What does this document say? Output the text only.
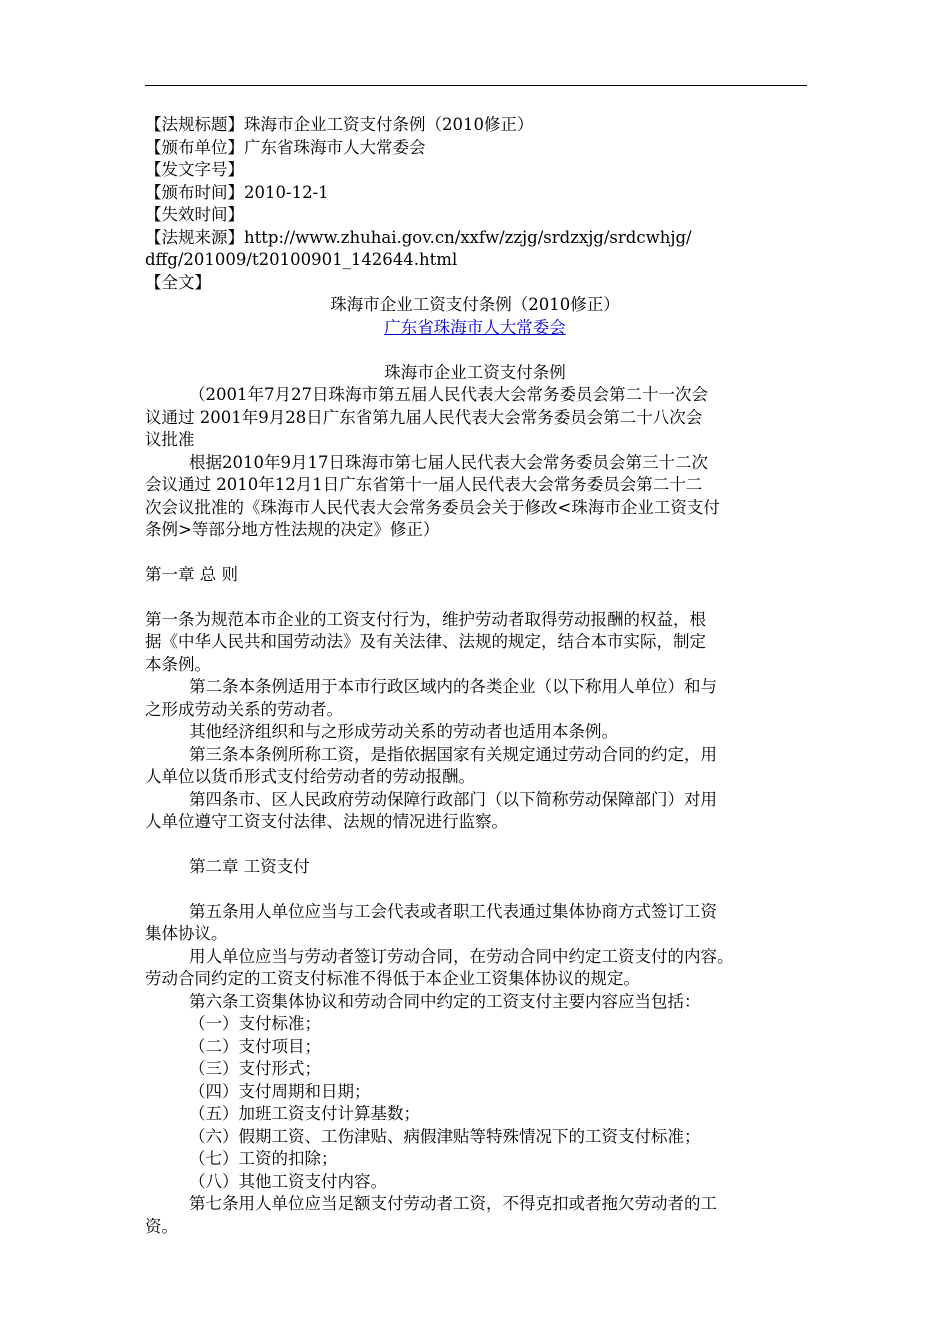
【法规标题】珠海市企业工资支付条例（2010修正）
【颁布单位】广东省珠海市人大常委会
【发文字号】
【颁布时间】2010-12-1
【失效时间】
【法规来源】http://www.zhuhai.gov.cn/xxfw/zzjg/srdzxjg/srdcwhjg/
dffg/201009/t20100901_142644.html
【全文】
珠海市企业工资支付条例（2010修正）
广东省珠海市人大常委会
珠海市企业工资支付条例
（2001年7月27日珠海市第五届人民代表大会常务委员会第二十一次会
议通过 2001年9月28日广东省第九届人民代表大会常务委员会第二十八次会
议批准
根据2010年9月17日珠海市第七届人民代表大会常务委员会第三十二次
会议通过 2010年12月1日广东省第十一届人民代表大会常务委员会第二十二
次会议批准的《珠海市人民代表大会常务委员会关于修改<珠海市企业工资支付
条例>等部分地方性法规的决定》修正）
第一章 总 则
第一条为规范本市企业的工资支付行为，维护劳动者取得劳动报酬的权益，根
据《中华人民共和国劳动法》及有关法律、法规的规定，结合本市实际，制定
本条例。
第二条本条例适用于本市行政区域内的各类企业（以下称用人单位）和与
之形成劳动关系的劳动者。
其他经济组织和与之形成劳动关系的劳动者也适用本条例。
第三条本条例所称工资，是指依据国家有关规定通过劳动合同的约定，用
人单位以货币形式支付给劳动者的劳动报酬。
第四条市、区人民政府劳动保障行政部门（以下简称劳动保障部门）对用
人单位遵守工资支付法律、法规的情况进行监察。
第二章 工资支付
第五条用人单位应当与工会代表或者职工代表通过集体协商方式签订工资
集体协议。
用人单位应当与劳动者签订劳动合同，在劳动合同中约定工资支付的内容。
劳动合同约定的工资支付标准不得低于本企业工资集体协议的规定。
第六条工资集体协议和劳动合同中约定的工资支付主要内容应当包括：
（一）支付标准；
（二）支付项目；
（三）支付形式；
（四）支付周期和日期；
（五）加班工资支付计算基数；
（六）假期工资、工伤津贴、病假津贴等特殊情况下的工资支付标准；
（七）工资的扣除；
（八）其他工资支付内容。
第七条用人单位应当足额支付劳动者工资，不得克扣或者拖欠劳动者的工
资。
